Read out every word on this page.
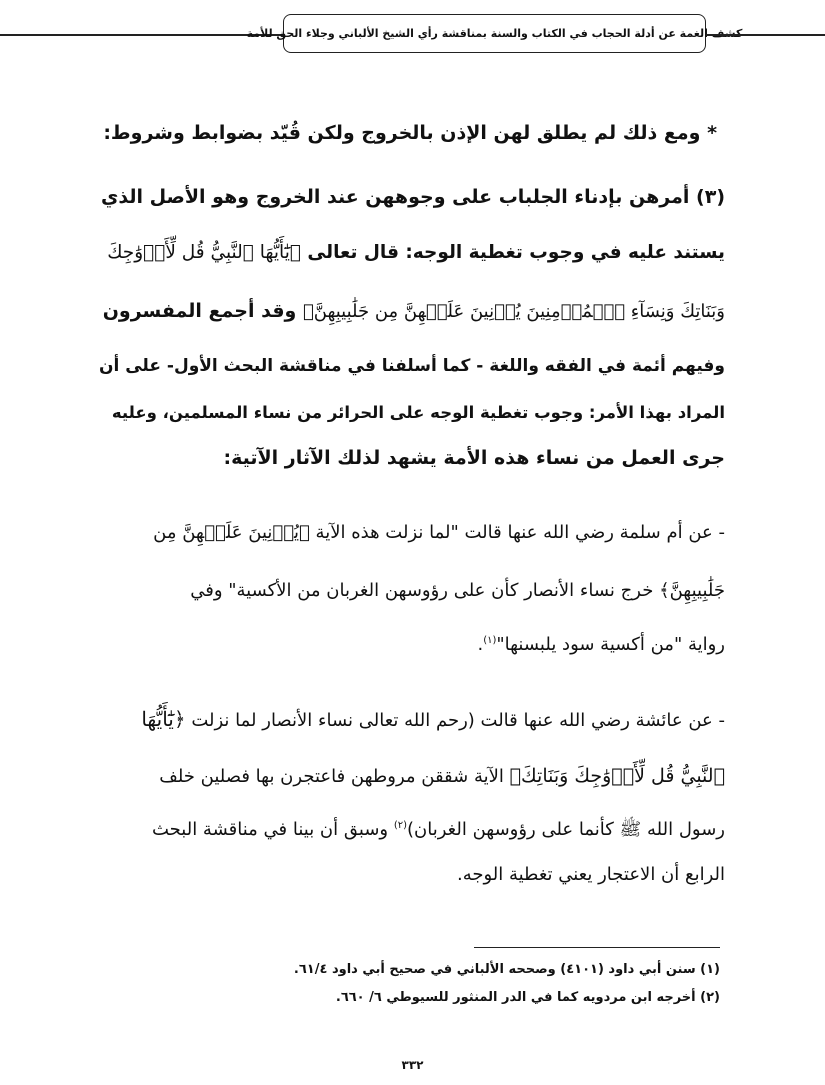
كشف الغمة عن أدلة الحجاب في الكتاب والسنة بمناقشة رأي الشيخ الألباني وجلاء الحق للأمة
* ومع ذلك لم يطلق لهن الإذن بالخروج ولكن قُيّد بضوابط وشروط:
(٣) أمرهن بإدناء الجلباب على وجوههن عند الخروج وهو الأصل الذي
يستند عليه في وجوب تغطية الوجه: قال تعالى ﴿يَٰٓأَيُّهَا ٱلنَّبِيُّ قُل لِّأَزۡوَٰجِكَ
وَبَنَاتِكَ وَنِسَآءِ ٱلۡمُؤۡمِنِينَ يُدۡنِينَ عَلَيۡهِنَّ مِن جَلَٰبِيبِهِنَّ﴾ وقد أجمع المفسرون
وفيهم أئمة في الفقه واللغة - كما أسلفنا في مناقشة البحث الأول- على أن
المراد بهذا الأمر: وجوب تغطية الوجه على الحرائر من نساء المسلمين، وعليه
جرى العمل من نساء هذه الأمة يشهد لذلك الآثار الآتية:
- عن أم سلمة رضي الله عنها قالت "لما نزلت هذه الآية ﴿يُدۡنِينَ عَلَيۡهِنَّ مِن
جَلَٰبِيبِهِنَّ﴾ خرج نساء الأنصار كأن على رؤوسهن الغربان من الأكسية" وفي
رواية "من أكسية سود يلبسنها"$^{(١)}$.
- عن عائشة رضي الله عنها قالت (رحم الله تعالى نساء الأنصار لما نزلت ﴿يَٰٓأَيُّهَا
ٱلنَّبِيُّ قُل لِّأَزۡوَٰجِكَ وَبَنَاتِكَ﴾ الآية شققن مروطهن فاعتجرن بها فصلين خلف
رسول الله ﷺ كأنما على رؤوسهن الغربان)$^{(٢)}$ وسبق أن بينا في مناقشة البحث
الرابع أن الاعتجار يعني تغطية الوجه.
(١) سنن أبي داود (٤١٠١) وصححه الألباني في صحيح أبي داود ٦١/٤.
(٢) أخرجه ابن مردويه كما في الدر المنثور للسيوطي ٦/ ٦٦٠.
٣٣٢
